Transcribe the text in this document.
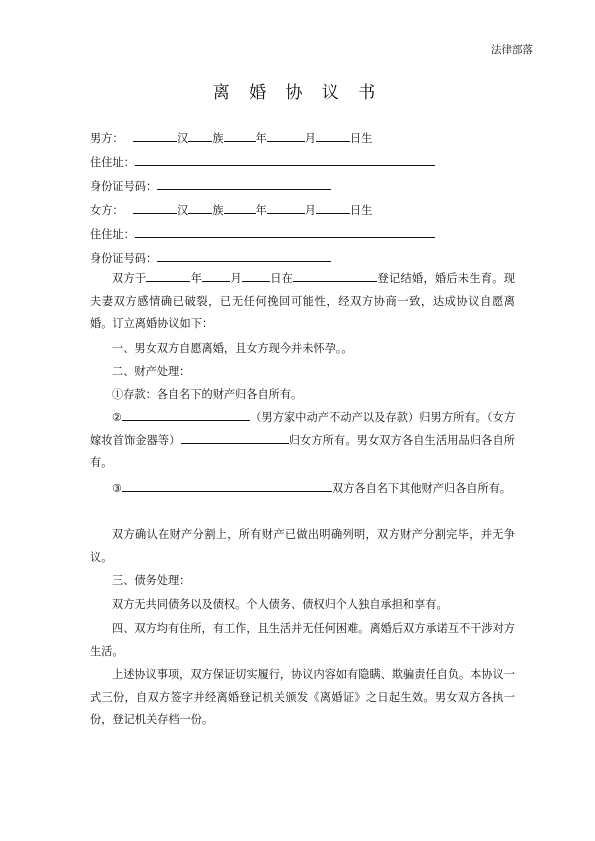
法律部落
离 婚 协 议 书
男方：	汉 族	年	月	日生
住住址：
身份证号码：
女方：	汉 族	年	月	日生
住住址：
身份证号码：
双方于	年	月	日在	登记结婚，婚后未生育。现夫妻双方感情确已破裂，已无任何挽回可能性，经双方协商一致，达成协议自愿离婚。订立离婚协议如下：
一、男女双方自愿离婚，且女方现今并未怀孕。。
二、财产处理：
①存款：各自名下的财产归各自所有。
②	（男方家中动产不动产以及存款）归男方所有。（女方嫁妆首饰金器等）	归女方所有。男女双方各自生活用品归各自所有。
③	双方各自名下其他财产归各自所有。
双方确认在财产分割上，所有财产已做出明确列明，双方财产分割完毕，并无争议。
三、债务处理：
双方无共同债务以及债权。个人债务、债权归个人独自承担和享有。
四、双方均有住所，有工作，且生活并无任何困难。离婚后双方承诺互不干涉对方生活。
上述协议事项，双方保证切实履行，协议内容如有隐瞒、欺骗责任自负。本协议一式三份，自双方签字并经离婚登记机关颁发《离婚证》之日起生效。男女双方各执一份，登记机关存档一份。
